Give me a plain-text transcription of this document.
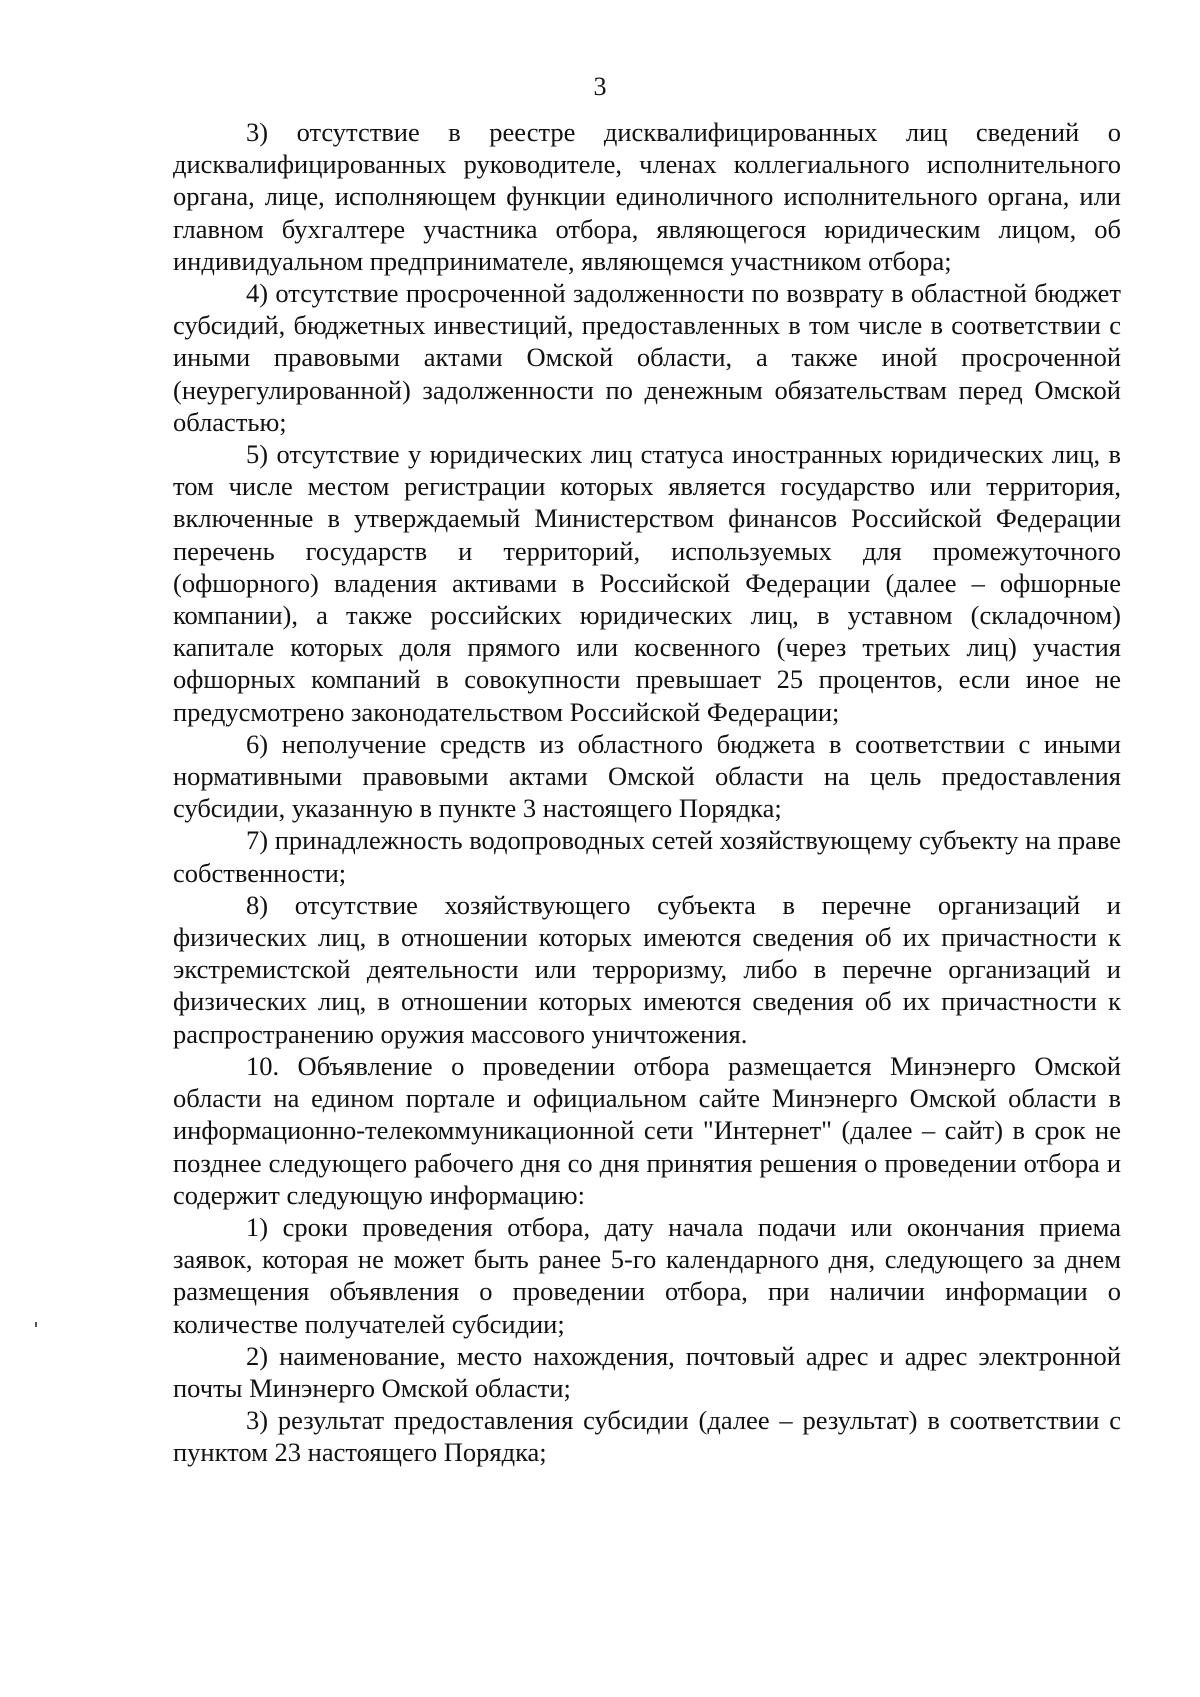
3

3) отсутствие в реестре дисквалифицированных лиц сведений о дисквалифицированных руководителе, членах коллегиального исполнительного органа, лице, исполняющем функции единоличного исполнительного органа, или главном бухгалтере участника отбора, являющегося юридическим лицом, об индивидуальном предпринимателе, являющемся участником отбора;

4) отсутствие просроченной задолженности по возврату в областной бюджет субсидий, бюджетных инвестиций, предоставленных в том числе в соответствии с иными правовыми актами Омской области, а также иной просроченной (неурегулированной) задолженности по денежным обязательствам перед Омской областью;

5) отсутствие у юридических лиц статуса иностранных юридических лиц, в том числе местом регистрации которых является государство или территория, включенные в утверждаемый Министерством финансов Российской Федерации перечень государств и территорий, используемых для промежуточного (офшорного) владения активами в Российской Федерации (далее – офшорные компании), а также российских юридических лиц, в уставном (складочном) капитале которых доля прямого или косвенного (через третьих лиц) участия офшорных компаний в совокупности превышает 25 процентов, если иное не предусмотрено законодательством Российской Федерации;

6) неполучение средств из областного бюджета в соответствии с иными нормативными правовыми актами Омской области на цель предоставления субсидии, указанную в пункте 3 настоящего Порядка;

7) принадлежность водопроводных сетей хозяйствующему субъекту на праве собственности;

8) отсутствие хозяйствующего субъекта в перечне организаций и физических лиц, в отношении которых имеются сведения об их причастности к экстремистской деятельности или терроризму, либо в перечне организаций и физических лиц, в отношении которых имеются сведения об их причастности к распространению оружия массового уничтожения.

10. Объявление о проведении отбора размещается Минэнерго Омской области на едином портале и официальном сайте Минэнерго Омской области в информационно-телекоммуникационной сети "Интернет" (далее – сайт) в срок не позднее следующего рабочего дня со дня принятия решения о проведении отбора и содержит следующую информацию:

1) сроки проведения отбора, дату начала подачи или окончания приема заявок, которая не может быть ранее 5-го календарного дня, следующего за днем размещения объявления о проведении отбора, при наличии информации о количестве получателей субсидии;

2) наименование, место нахождения, почтовый адрес и адрес электронной почты Минэнерго Омской области;

3) результат предоставления субсидии (далее – результат) в соответствии с пунктом 23 настоящего Порядка;
